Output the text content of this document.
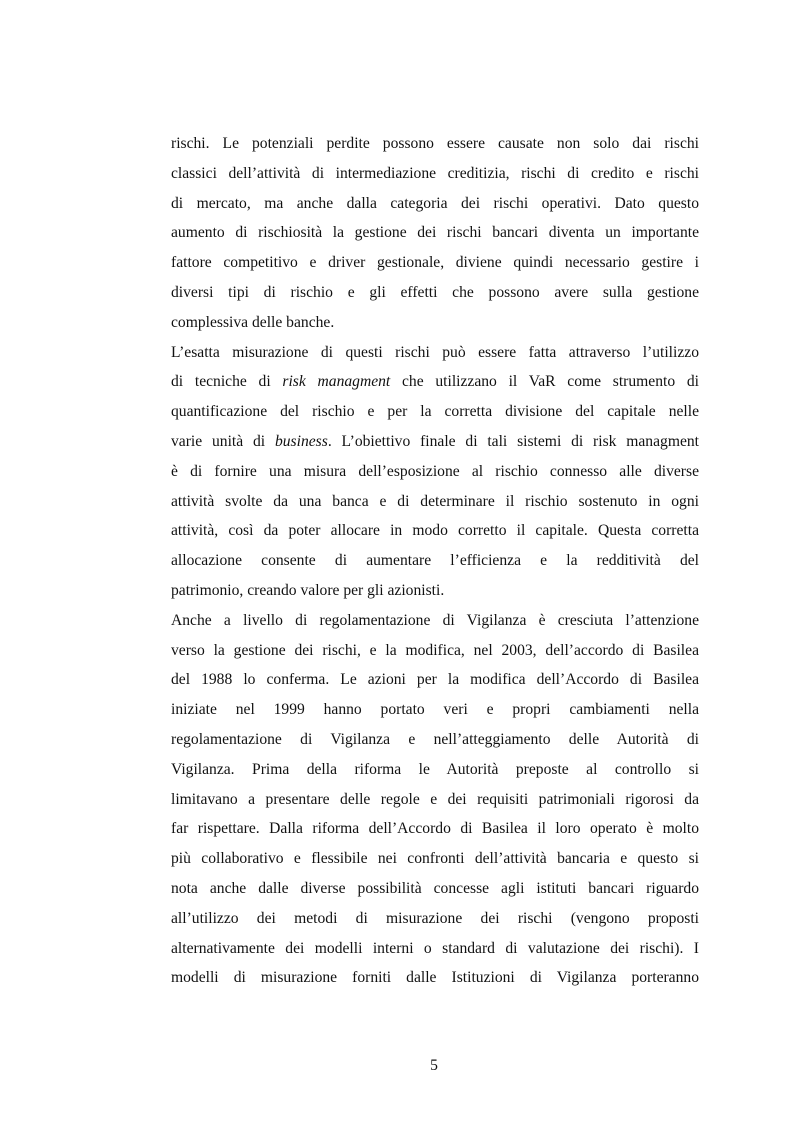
rischi. Le potenziali perdite possono essere causate non solo dai rischi
classici dell’attività di intermediazione creditizia, rischi di credito e rischi
di mercato, ma anche dalla categoria dei rischi operativi. Dato questo
aumento di rischiosità la gestione dei rischi bancari diventa un importante
fattore competitivo e driver gestionale, diviene quindi necessario gestire i
diversi tipi di rischio e gli effetti che possono avere sulla gestione
complessiva delle banche.
L’esatta misurazione di questi rischi può essere fatta attraverso l’utilizzo
di tecniche di risk managment che utilizzano il VaR come strumento di
quantificazione del rischio e per la corretta divisione del capitale nelle
varie unità di business. L’obiettivo finale di tali sistemi di risk managment
è di fornire una misura dell’esposizione al rischio connesso alle diverse
attività svolte da una banca e di determinare il rischio sostenuto in ogni
attività, così da poter allocare in modo corretto il capitale. Questa corretta
allocazione consente di aumentare l’efficienza e la redditività del
patrimonio, creando valore per gli azionisti.
Anche a livello di regolamentazione di Vigilanza è cresciuta l’attenzione
verso la gestione dei rischi, e la modifica, nel 2003, dell’accordo di Basilea
del 1988 lo conferma. Le azioni per la modifica dell’Accordo di Basilea
iniziate nel 1999 hanno portato veri e propri cambiamenti nella
regolamentazione di Vigilanza e nell’atteggiamento delle Autorità di
Vigilanza. Prima della riforma le Autorità preposte al controllo si
limitavano a presentare delle regole e dei requisiti patrimoniali rigorosi da
far rispettare. Dalla riforma dell’Accordo di Basilea il loro operato è molto
più collaborativo e flessibile nei confronti dell’attività bancaria e questo si
nota anche dalle diverse possibilità concesse agli istituti bancari riguardo
all’utilizzo dei metodi di misurazione dei rischi (vengono proposti
alternativamente dei modelli interni o standard di valutazione dei rischi). I
modelli di misurazione forniti dalle Istituzioni di Vigilanza porteranno
5
